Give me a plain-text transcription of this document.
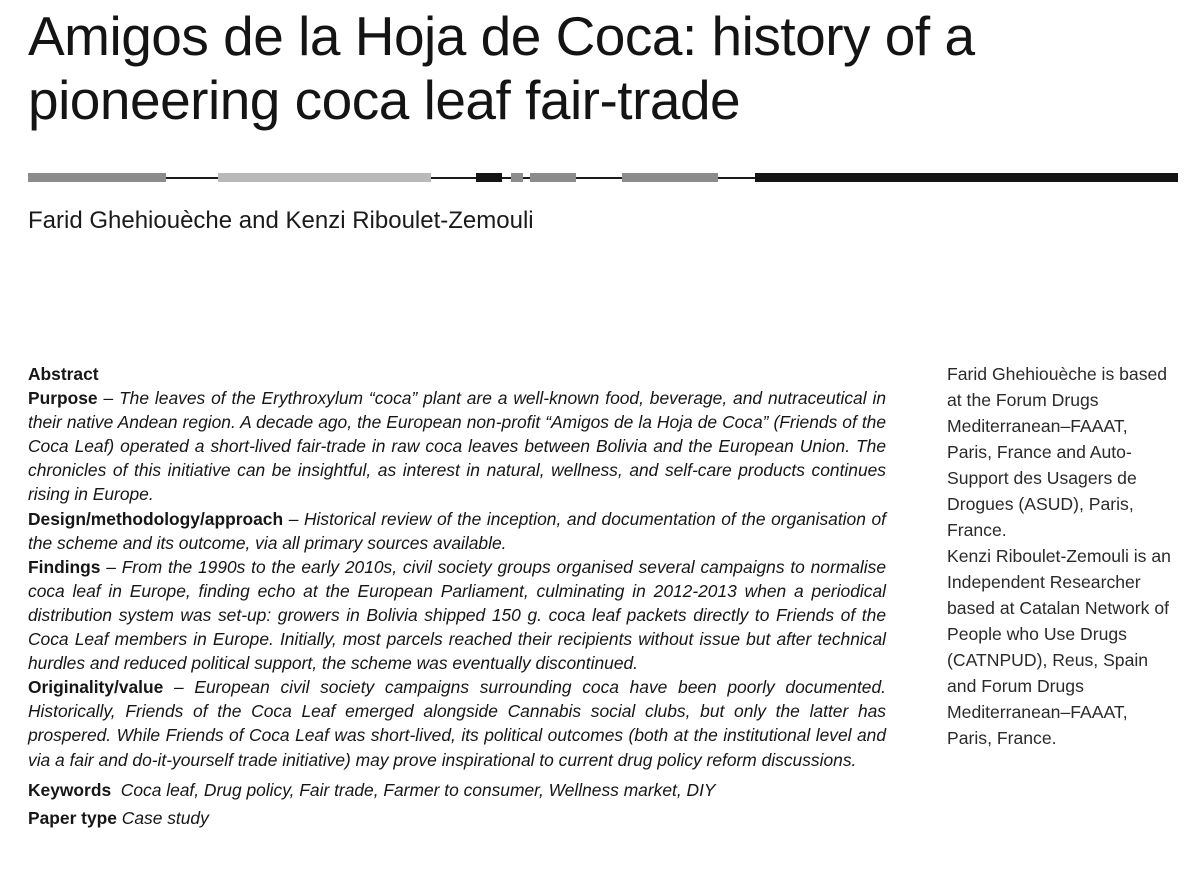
Amigos de la Hoja de Coca: history of a pioneering coca leaf fair-trade

Farid Ghehiouèche and Kenzi Riboulet-Zemouli

Abstract

Purpose – The leaves of the Erythroxylum “coca” plant are a well-known food, beverage, and nutraceutical in their native Andean region. A decade ago, the European non-profit “Amigos de la Hoja de Coca” (Friends of the Coca Leaf) operated a short-lived fair-trade in raw coca leaves between Bolivia and the European Union. The chronicles of this initiative can be insightful, as interest in natural, wellness, and self-care products continues rising in Europe.

Design/methodology/approach – Historical review of the inception, and documentation of the organisation of the scheme and its outcome, via all primary sources available.

Findings – From the 1990s to the early 2010s, civil society groups organised several campaigns to normalise coca leaf in Europe, finding echo at the European Parliament, culminating in 2012-2013 when a periodical distribution system was set-up: growers in Bolivia shipped 150 g. coca leaf packets directly to Friends of the Coca Leaf members in Europe. Initially, most parcels reached their recipients without issue but after technical hurdles and reduced political support, the scheme was eventually discontinued.

Originality/value – European civil society campaigns surrounding coca have been poorly documented. Historically, Friends of the Coca Leaf emerged alongside Cannabis social clubs, but only the latter has prospered. While Friends of Coca Leaf was short-lived, its political outcomes (both at the institutional level and via a fair and do-it-yourself trade initiative) may prove inspirational to current drug policy reform discussions.

Keywords Coca leaf, Drug policy, Fair trade, Farmer to consumer, Wellness market, DIY

Paper type Case study

Farid Ghehiouèche is based at the Forum Drugs Mediterranean–FAAAT, Paris, France and Auto-Support des Usagers de Drogues (ASUD), Paris, France.

Kenzi Riboulet-Zemouli is an Independent Researcher based at Catalan Network of People who Use Drugs (CATNPUD), Reus, Spain and Forum Drugs Mediterranean–FAAAT, Paris, France.
